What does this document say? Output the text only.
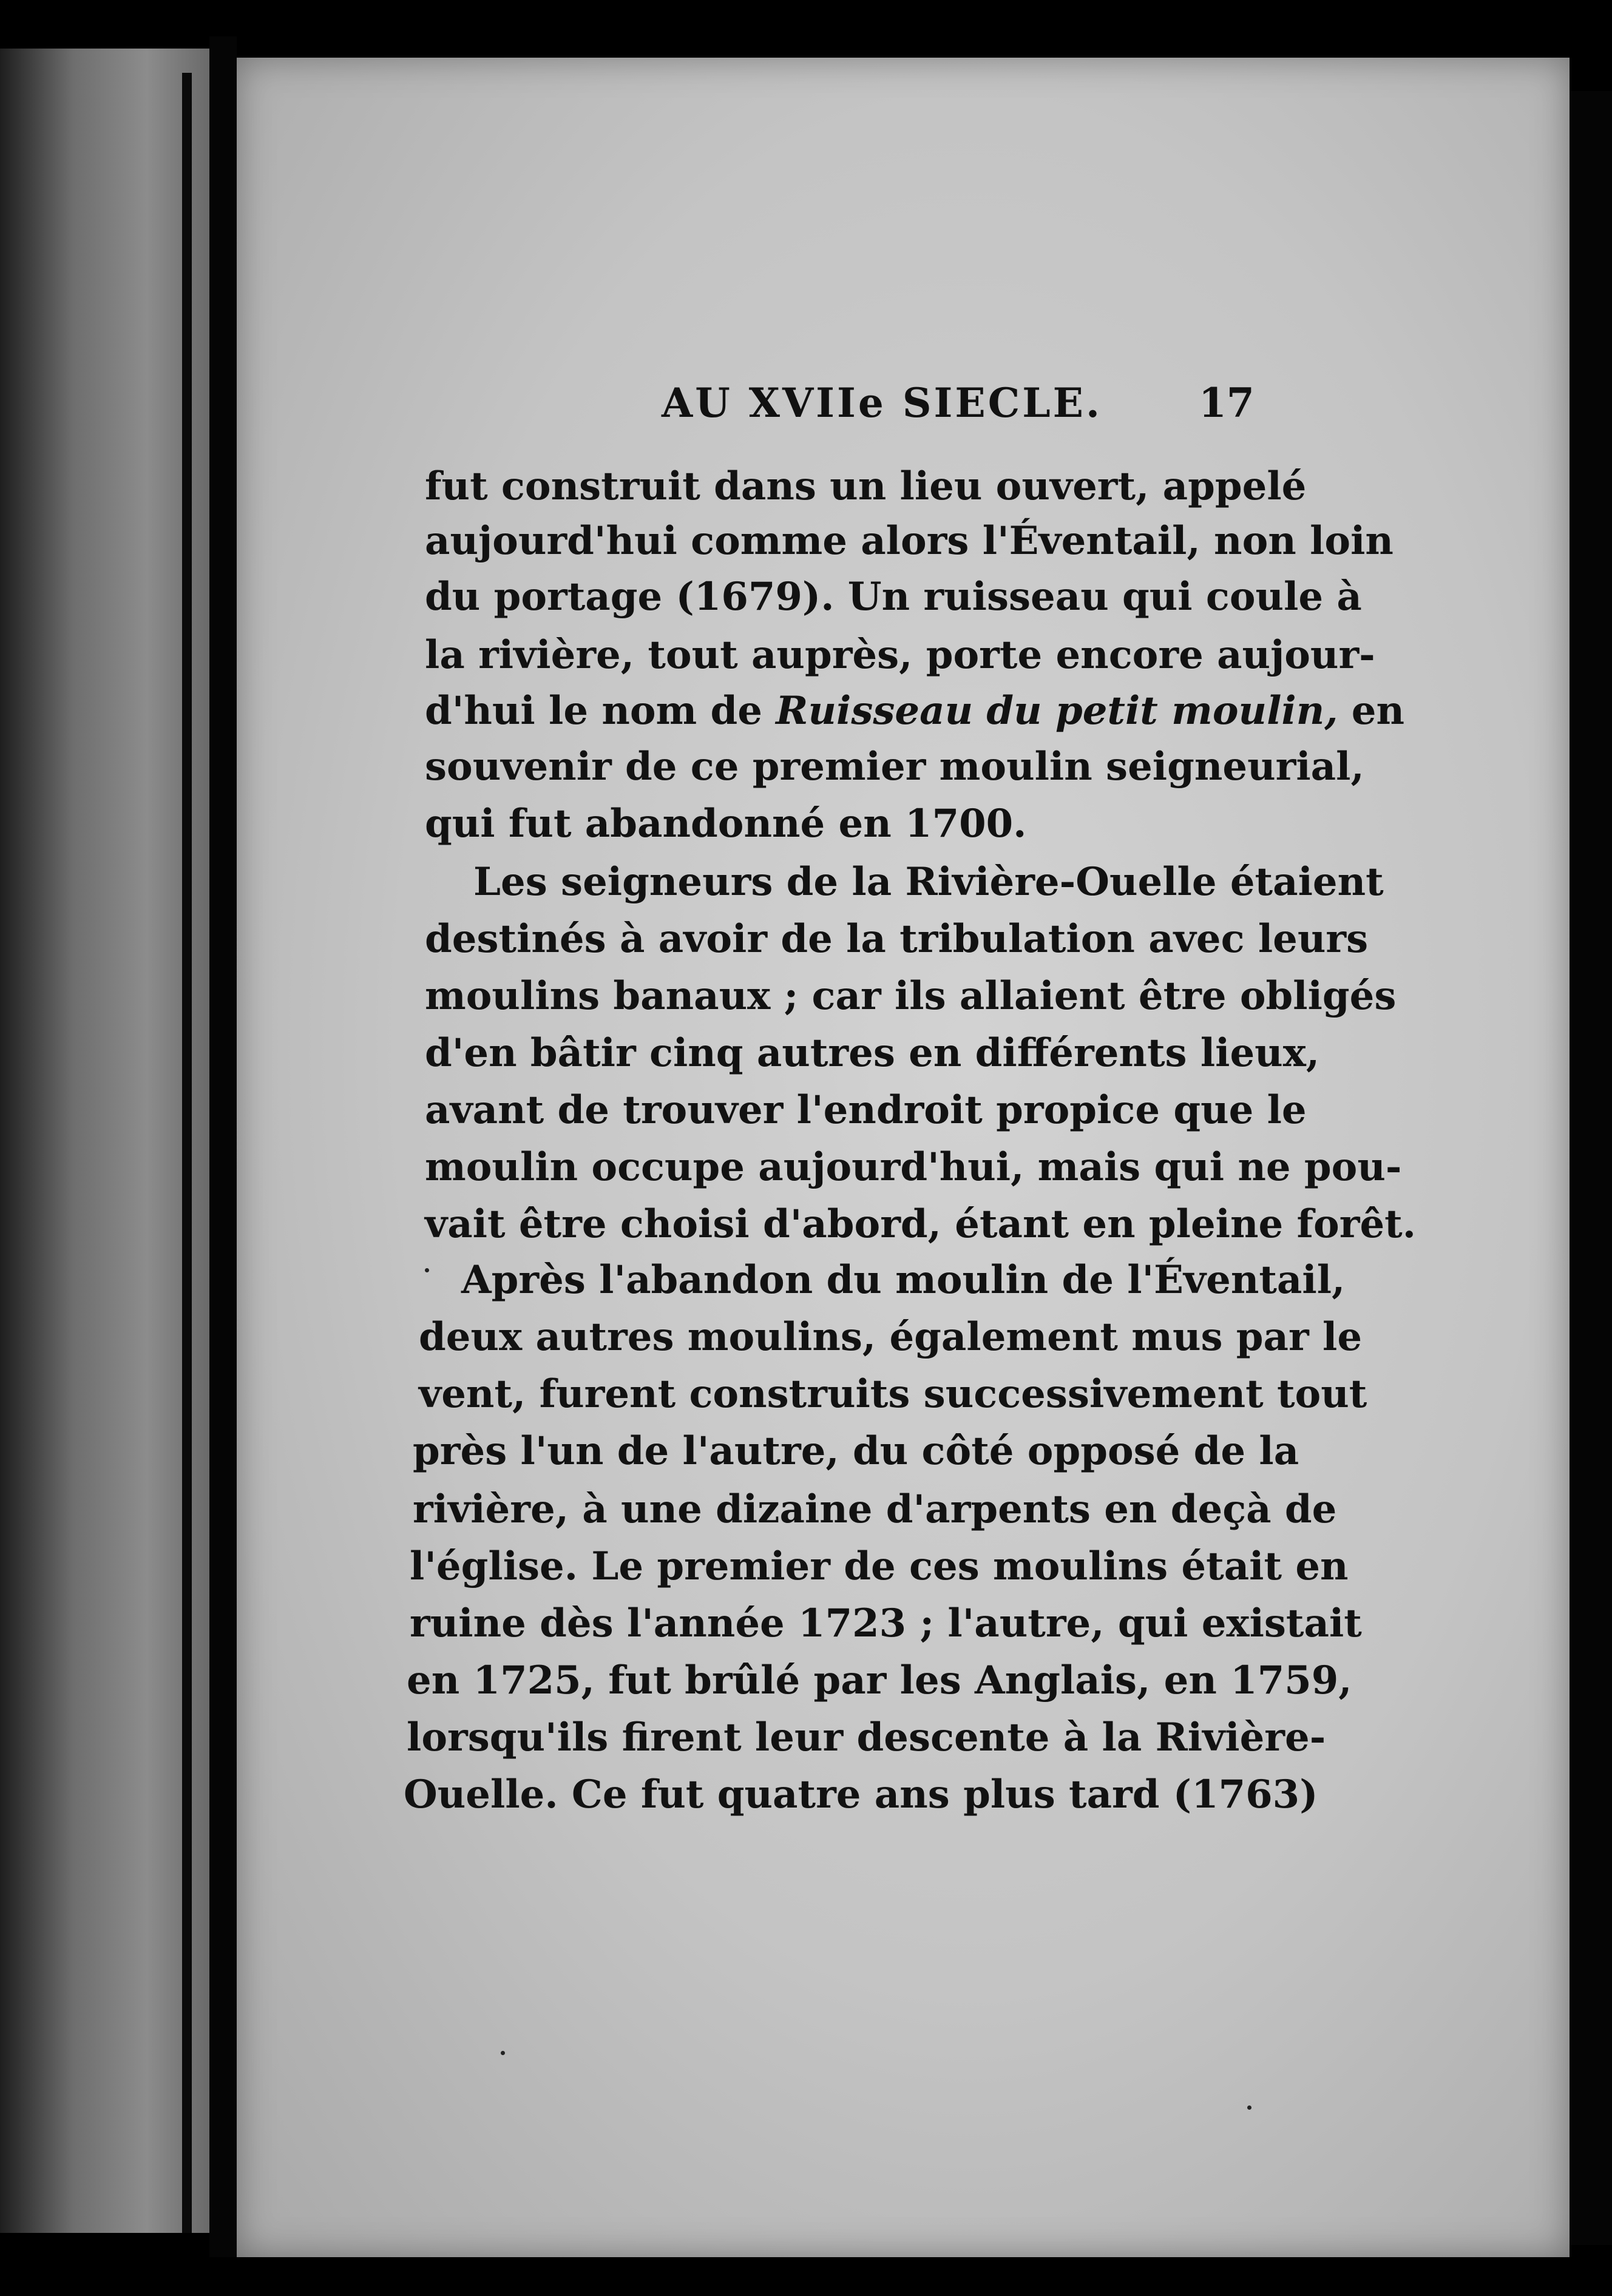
AU XVIIe SIECLE. 17
fut construit dans un lieu ouvert, appelé
aujourd'hui comme alors l'Éventail, non loin
du portage (1679). Un ruisseau qui coule à
la rivière, tout auprès, porte encore aujour-
d'hui le nom de Ruisseau du petit moulin, en
souvenir de ce premier moulin seigneurial,
qui fut abandonné en 1700.
Les seigneurs de la Rivière-Ouelle étaient
destinés à avoir de la tribulation avec leurs
moulins banaux ; car ils allaient être obligés
d'en bâtir cinq autres en différents lieux,
avant de trouver l'endroit propice que le
moulin occupe aujourd'hui, mais qui ne pou-
vait être choisi d'abord, étant en pleine forêt.
Après l'abandon du moulin de l'Éventail,
deux autres moulins, également mus par le
vent, furent construits successivement tout
près l'un de l'autre, du côté opposé de la
rivière, à une dizaine d'arpents en deçà de
l'église. Le premier de ces moulins était en
ruine dès l'année 1723 ; l'autre, qui existait
en 1725, fut brûlé par les Anglais, en 1759,
lorsqu'ils firent leur descente à la Rivière-
Ouelle. Ce fut quatre ans plus tard (1763)
